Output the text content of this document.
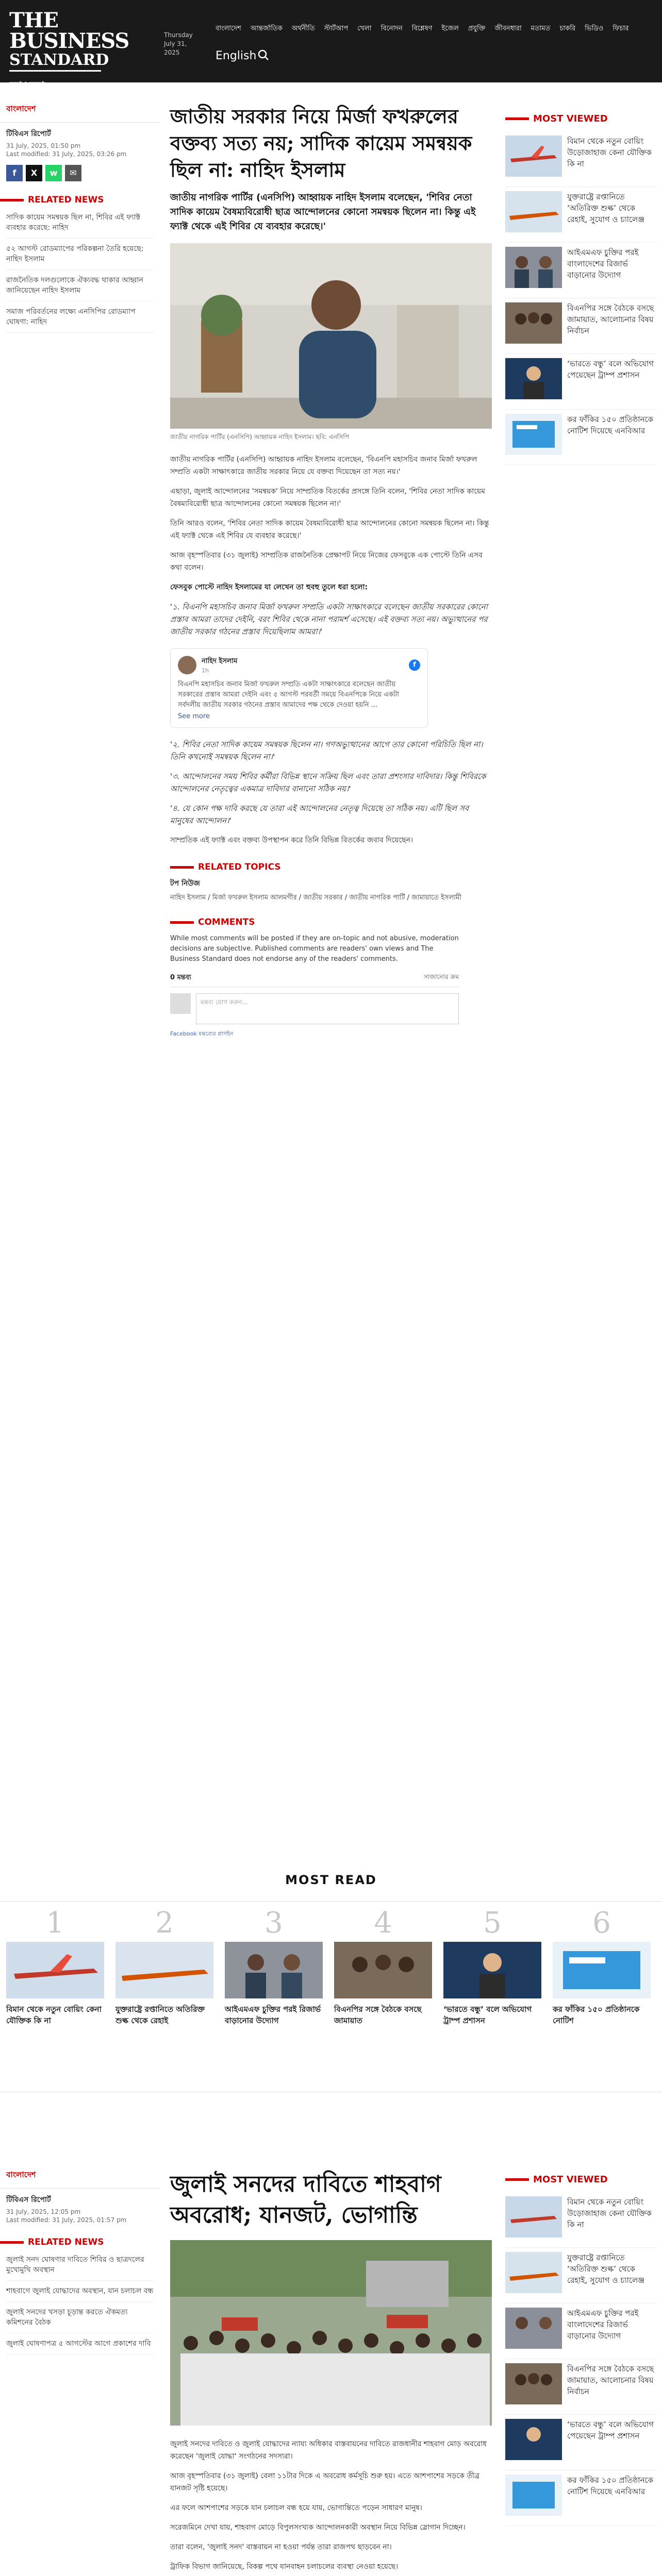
THE
BUSINESS
STANDARD
বাংলা
Thursday
July 31,
2025
বাংলাদেশ আন্তর্জাতিক অর্থনীতি স্টার্টআপ খেলা বিনোদন বিশ্লেষণ ইজেল প্রযুক্তি জীবনধারা মতামত চাকরি ভিডিও ফিচার
English
বাংলাদেশ
টিবিএস রিপোর্ট
31 July, 2025, 01:50 pm
Last modified: 31 July, 2025, 03:26 pm
f	X	w	✉
RELATED NEWS
সাদিক কায়েম সমন্বয়ক ছিল না, শিবির এই ফ্যাক্ট ব্যবহার করেছে: নাহিদ
৫২ আগস্ট রোডম্যাপের পরিকল্পনা তৈরি হয়েছে: নাহিদ ইসলাম
রাজনৈতিক দলগুলোকে ঐক্যবদ্ধ থাকার আহ্বান জানিয়েছেন নাহিদ ইসলাম
সমাজ পরিবর্তনের লক্ষ্যে এনসিপির রোডম্যাপ ঘোষণা: নাহিদ
জাতীয় সরকার নিয়ে মির্জা ফখরুলের বক্তব্য সত্য নয়; সাদিক কায়েম সমন্বয়ক ছিল না: নাহিদ ইসলাম
জাতীয় নাগরিক পার্টির (এনসিপি) আহ্বায়ক নাহিদ ইসলাম বলেছেন, 'শিবির নেতা সাদিক কায়েম বৈষম্যবিরোধী ছাত্র আন্দোলনের কোনো সমন্বয়ক ছিলেন না। কিন্তু এই ফ্যাক্ট থেকে এই শিবির যে ব্যবহার করেছে।'
জাতীয় নাগরিক পার্টির (এনসিপি) আহ্বায়ক নাহিদ ইসলাম। ছবি: এনসিপি
জাতীয় নাগরিক পার্টির (এনসিপি) আহ্বায়ক নাহিদ ইসলাম বলেছেন, 'বিএনপি মহাসচিব জনাব মির্জা ফখরুল সম্প্রতি একটা সাক্ষাৎকারে জাতীয় সরকার নিয়ে যে বক্তব্য দিয়েছেন তা সত্য নয়।'
এছাড়া, জুলাই আন্দোলনের 'সমন্বয়ক' নিয়ে সাম্প্রতিক বিতর্কের প্রসঙ্গে তিনি বলেন, 'শিবির নেতা সাদিক কায়েম বৈষম্যবিরোধী ছাত্র আন্দোলনের কোনো সমন্বয়ক ছিলেন না।'
তিনি আরও বলেন, 'শিবির নেতা সাদিক কায়েম বৈষম্যবিরোধী ছাত্র আন্দোলনের কোনো সমন্বয়ক ছিলেন না। কিন্তু এই ফ্যাক্ট থেকে এই শিবির যে ব্যবহার করেছে।'
আজ বৃহস্পতিবার (৩১ জুলাই) সাম্প্রতিক রাজনৈতিক প্রেক্ষাপট নিয়ে নিজের ফেসবুকে এক পোস্টে তিনি এসব কথা বলেন।
ফেসবুক পোস্টে নাহিদ ইসলামের যা লেখেন তা হুবহু তুলে ধরা হলো:
'১. বিএনপি মহাসচিব জনাব মির্জা ফখরুল সম্প্রতি একটা সাক্ষাৎকারে বলেছেন জাতীয় সরকারের কোনো প্রস্তাব আমরা তাদের দেইনি, বরং শিবির থেকে নানা পরামর্শ এসেছে। এই বক্তব্য সত্য নয়। অভ্যুত্থানের পর জাতীয় সরকার গঠনের প্রস্তাব দিয়েছিলাম আমরা।'
নাহিদ ইসলাম
1h
f
বিএনপি মহাসচিব জনাব মির্জা ফখরুল সম্প্রতি একটা সাক্ষাৎকারে বলেছেন জাতীয় সরকারের প্রস্তাব আমরা দেইনি এবং ৫ আগস্ট পরবর্তী সময়ে বিএনপিকে নিয়ে একটা সর্বদলীয় জাতীয় সরকার গঠনের প্রস্তাব আমাদের পক্ষ থেকে দেওয়া হয়নি ...
See more
'২. শিবির নেতা সাদিক কায়েম সমন্বয়ক ছিলেন না। গণঅভ্যুত্থানের আগে তার কোনো পরিচিতি ছিল না। তিনি কখনোই সমন্বয়ক ছিলেন না।'
'৩. আন্দোলনের সময় শিবির কর্মীরা বিভিন্ন স্থানে সক্রিয় ছিল এবং তারা প্রশংসার দাবিদার। কিন্তু শিবিরকে আন্দোলনের নেতৃত্বের একমাত্র দাবিদার বানানো সঠিক নয়।'
'৪. যে কোন পক্ষ দাবি করছে যে তারা এই আন্দোলনের নেতৃত্ব দিয়েছে তা সঠিক নয়। এটি ছিল সব মানুষের আন্দোলন।'
সাম্প্রতিক এই ফ্যাক্ট এবং বক্তব্য উপস্থাপন করে তিনি বিভিন্ন বিতর্কের জবাব দিয়েছেন।
RELATED TOPICS
টপ নিউজ
নাহিদ ইসলাম / মির্জা ফখরুল ইসলাম আলমগীর / জাতীয় সরকার / জাতীয় নাগরিক পার্টি / জামায়াতে ইসলামী
COMMENTS
While most comments will be posted if they are on-topic and not abusive, moderation decisions are subjective. Published comments are readers' own views and The Business Standard does not endorse any of the readers' comments.
0 মন্তব্য	সাজানোর ক্রম
মন্তব্য যোগ করুন...
Facebook মন্তব্যের প্লাগইন
MOST VIEWED
বিমান থেকে নতুন বোয়িং উড়োজাহাজ কেনা যৌক্তিক কি না
যুক্তরাষ্ট্রে রপ্তানিতে ‘অতিরিক্ত শুল্ক’ থেকে রেহাই, সুযোগ ও চ্যালেঞ্জ
আইএমএফ চুক্তির পরই বাংলাদেশের রিজার্ভ বাড়ানোর উদ্যোগ
বিএনপির সঙ্গে বৈঠকে বসছে জামায়াত, আলোচনার বিষয় নির্বাচন
‘ভারতে বন্ধু’ বলে অভিযোগ পেয়েছেন ট্রাম্প প্রশাসন
কর ফাঁকির ১৫০ প্রতিষ্ঠানকে নোটিশ দিয়েছে এনবিআর
MOST READ
1
বিমান থেকে নতুন বোয়িং কেনা যৌক্তিক কি না
2
যুক্তরাষ্ট্রে রপ্তানিতে অতিরিক্ত শুল্ক থেকে রেহাই
3
আইএমএফ চুক্তির পরই রিজার্ভ বাড়ানোর উদ্যোগ
4
বিএনপির সঙ্গে বৈঠকে বসছে জামায়াত
5
‘ভারতে বন্ধু’ বলে অভিযোগ ট্রাম্প প্রশাসন
6
কর ফাঁকির ১৫০ প্রতিষ্ঠানকে নোটিশ
বাংলাদেশ
টিবিএস রিপোর্ট
31 July, 2025, 12:05 pm
Last modified: 31 July, 2025, 01:57 pm
RELATED NEWS
জুলাই সনদ ঘোষণার দাবিতে শিবির ও ছাত্রদলের মুখোমুখি অবস্থান
শাহবাগে জুলাই যোদ্ধাদের অবস্থান, যান চলাচল বন্ধ
জুলাই সনদের খসড়া চূড়ান্ত করতে ঐকমত্য কমিশনের বৈঠক
জুলাই ঘোষণাপত্র ৫ আগস্টের আগে প্রকাশের দাবি
জুলাই সনদের দাবিতে শাহবাগ অবরোধ; যানজট, ভোগান্তি
জুলাই সনদের দাবিতে ও জুলাই যোদ্ধাদের ন্যায্য অধিকার বাস্তবায়নের দাবিতে রাজধানীর শাহবাগ মোড় অবরোধ করেছেন 'জুলাই যোদ্ধা' সংগঠনের সদস্যরা।
আজ বৃহস্পতিবার (৩১ জুলাই) বেলা ১১টার দিকে এ অবরোধ কর্মসূচি শুরু হয়। এতে আশপাশের সড়কে তীব্র যানজট সৃষ্টি হয়েছে।
এর ফলে আশপাশের সড়কে যান চলাচল বন্ধ হয়ে যায়, ভোগান্তিতে পড়েন সাধারণ মানুষ।
সরেজমিনে দেখা যায়, শাহবাগ মোড়ে বিপুলসংখ্যক আন্দোলনকারী অবস্থান নিয়ে বিভিন্ন স্লোগান দিচ্ছেন।
তারা বলেন, 'জুলাই সনদ' বাস্তবায়ন না হওয়া পর্যন্ত তারা রাজপথ ছাড়বেন না।
ট্রাফিক বিভাগ জানিয়েছে, বিকল্প পথে যানবাহন চলাচলের ব্যবস্থা নেওয়া হয়েছে।
MOST VIEWED
বিমান থেকে নতুন বোয়িং উড়োজাহাজ কেনা যৌক্তিক কি না
যুক্তরাষ্ট্রে রপ্তানিতে ‘অতিরিক্ত শুল্ক’ থেকে রেহাই, সুযোগ ও চ্যালেঞ্জ
আইএমএফ চুক্তির পরই বাংলাদেশের রিজার্ভ বাড়ানোর উদ্যোগ
বিএনপির সঙ্গে বৈঠকে বসছে জামায়াত, আলোচনার বিষয় নির্বাচন
‘ভারতে বন্ধু’ বলে অভিযোগ পেয়েছেন ট্রাম্প প্রশাসন
কর ফাঁকির ১৫০ প্রতিষ্ঠানকে নোটিশ দিয়েছে এনবিআর
